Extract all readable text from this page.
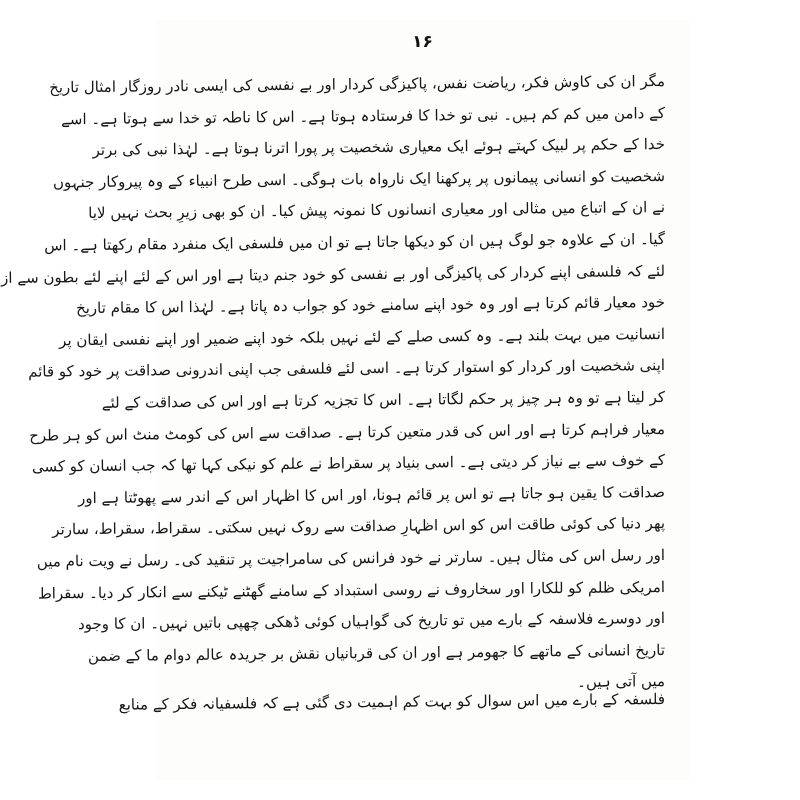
۱۶
مگر ان کی کاوش فکر، ریاضت نفس، پاکیزگی کردار اور بے نفسی کی ایسی نادر روزگار امثال تاریخ
کے دامن میں کم کم ہیں۔ نبی تو خدا کا فرستادہ ہوتا ہے۔ اس کا ناطہ تو خدا سے ہوتا ہے۔ اسے
خدا کے حکم پر لبیک کہتے ہوئے ایک معیاری شخصیت پر پورا اترنا ہوتا ہے۔ لہٰذا نبی کی برتر
شخصیت کو انسانی پیمانوں پر پرکھنا ایک نارواہ بات ہوگی۔ اسی طرح انبیاء کے وہ پیروکار جنہوں
نے ان کے اتباع میں مثالی اور معیاری انسانوں کا نمونہ پیش کیا۔ ان کو بھی زیرِ بحث نہیں لایا
گیا۔ ان کے علاوہ جو لوگ ہیں ان کو دیکھا جاتا ہے تو ان میں فلسفی ایک منفرد مقام رکھتا ہے۔ اس
لئے کہ فلسفی اپنے کردار کی پاکیزگی اور بے نفسی کو خود جنم دیتا ہے اور اس کے لئے اپنے لئے بطون سے از
خود معیار قائم کرتا ہے اور وہ خود اپنے سامنے خود کو جواب دہ پاتا ہے۔ لہٰذا اس کا مقام تاریخ
انسانیت میں بہت بلند ہے۔ وہ کسی صلے کے لئے نہیں بلکہ خود اپنے ضمیر اور اپنے نفسی ایقان پر
اپنی شخصیت اور کردار کو استوار کرتا ہے۔ اسی لئے فلسفی جب اپنی اندرونی صداقت پر خود کو قائم
کر لیتا ہے تو وہ ہر چیز پر حکم لگاتا ہے۔ اس کا تجزیہ کرتا ہے اور اس کی صداقت کے لئے
معیار فراہم کرتا ہے اور اس کی قدر متعین کرتا ہے۔ صداقت سے اس کی کومٹ منٹ اس کو ہر طرح
کے خوف سے بے نیاز کر دیتی ہے۔ اسی بنیاد پر سقراط نے علم کو نیکی کہا تھا کہ جب انسان کو کسی
صداقت کا یقین ہو جاتا ہے تو اس پر قائم ہونا، اور اس کا اظہار اس کے اندر سے پھوٹتا ہے اور
پھر دنیا کی کوئی طاقت اس کو اس اظہارِ صداقت سے روک نہیں سکتی۔ سقراط، سقراط، سارتر
اور رسل اس کی مثال ہیں۔ سارتر نے خود فرانس کی سامراجیت پر تنقید کی۔ رسل نے ویت نام میں
امریکی ظلم کو للکارا اور سخاروف نے روسی استبداد کے سامنے گھٹنے ٹیکنے سے انکار کر دیا۔ سقراط
اور دوسرے فلاسفہ کے بارے میں تو تاریخ کی گواہیاں کوئی ڈھکی چھپی باتیں نہیں۔ ان کا وجود
تاریخ انسانی کے ماتھے کا جھومر ہے اور ان کی قربانیاں نقش بر جریدہ عالم دوام ما کے ضمن
میں آتی ہیں۔
فلسفہ کے بارے میں اس سوال کو بہت کم اہمیت دی گئی ہے کہ فلسفیانہ فکر کے منابع
